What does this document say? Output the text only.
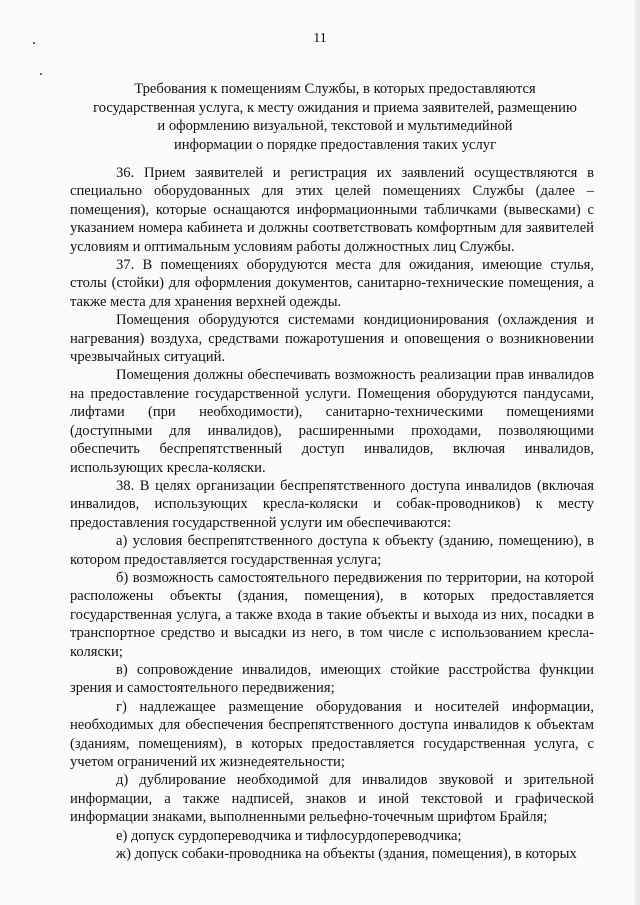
11
Требования к помещениям Службы, в которых предоставляются
государственная услуга, к месту ожидания и приема заявителей, размещению
и оформлению визуальной, текстовой и мультимедийной
информации о порядке предоставления таких услуг

36. Прием заявителей и регистрация их заявлений осуществляются в специально оборудованных для этих целей помещениях Службы (далее – помещения), которые оснащаются информационными табличками (вывесками) с указанием номера кабинета и должны соответствовать комфортным для заявителей условиям и оптимальным условиям работы должностных лиц Службы.

37. В помещениях оборудуются места для ожидания, имеющие стулья, столы (стойки) для оформления документов, санитарно-технические помещения, а также места для хранения верхней одежды.

Помещения оборудуются системами кондиционирования (охлаждения и нагревания) воздуха, средствами пожаротушения и оповещения о возникновении чрезвычайных ситуаций.

Помещения должны обеспечивать возможность реализации прав инвалидов на предоставление государственной услуги. Помещения оборудуются пандусами, лифтами (при необходимости), санитарно-техническими помещениями (доступными для инвалидов), расширенными проходами, позволяющими обеспечить беспрепятственный доступ инвалидов, включая инвалидов, использующих кресла-коляски.

38. В целях организации беспрепятственного доступа инвалидов (включая инвалидов, использующих кресла-коляски и собак-проводников) к месту предоставления государственной услуги им обеспечиваются:

а) условия беспрепятственного доступа к объекту (зданию, помещению), в котором предоставляется государственная услуга;

б) возможность самостоятельного передвижения по территории, на которой расположены объекты (здания, помещения), в которых предоставляется государственная услуга, а также входа в такие объекты и выхода из них, посадки в транспортное средство и высадки из него, в том числе с использованием кресла-коляски;

в) сопровождение инвалидов, имеющих стойкие расстройства функции зрения и самостоятельного передвижения;

г) надлежащее размещение оборудования и носителей информации, необходимых для обеспечения беспрепятственного доступа инвалидов к объектам (зданиям, помещениям), в которых предоставляется государственная услуга, с учетом ограничений их жизнедеятельности;

д) дублирование необходимой для инвалидов звуковой и зрительной информации, а также надписей, знаков и иной текстовой и графической информации знаками, выполненными рельефно-точечным шрифтом Брайля;

е) допуск сурдопереводчика и тифлосурдопереводчика;

ж) допуск собаки-проводника на объекты (здания, помещения), в которых
